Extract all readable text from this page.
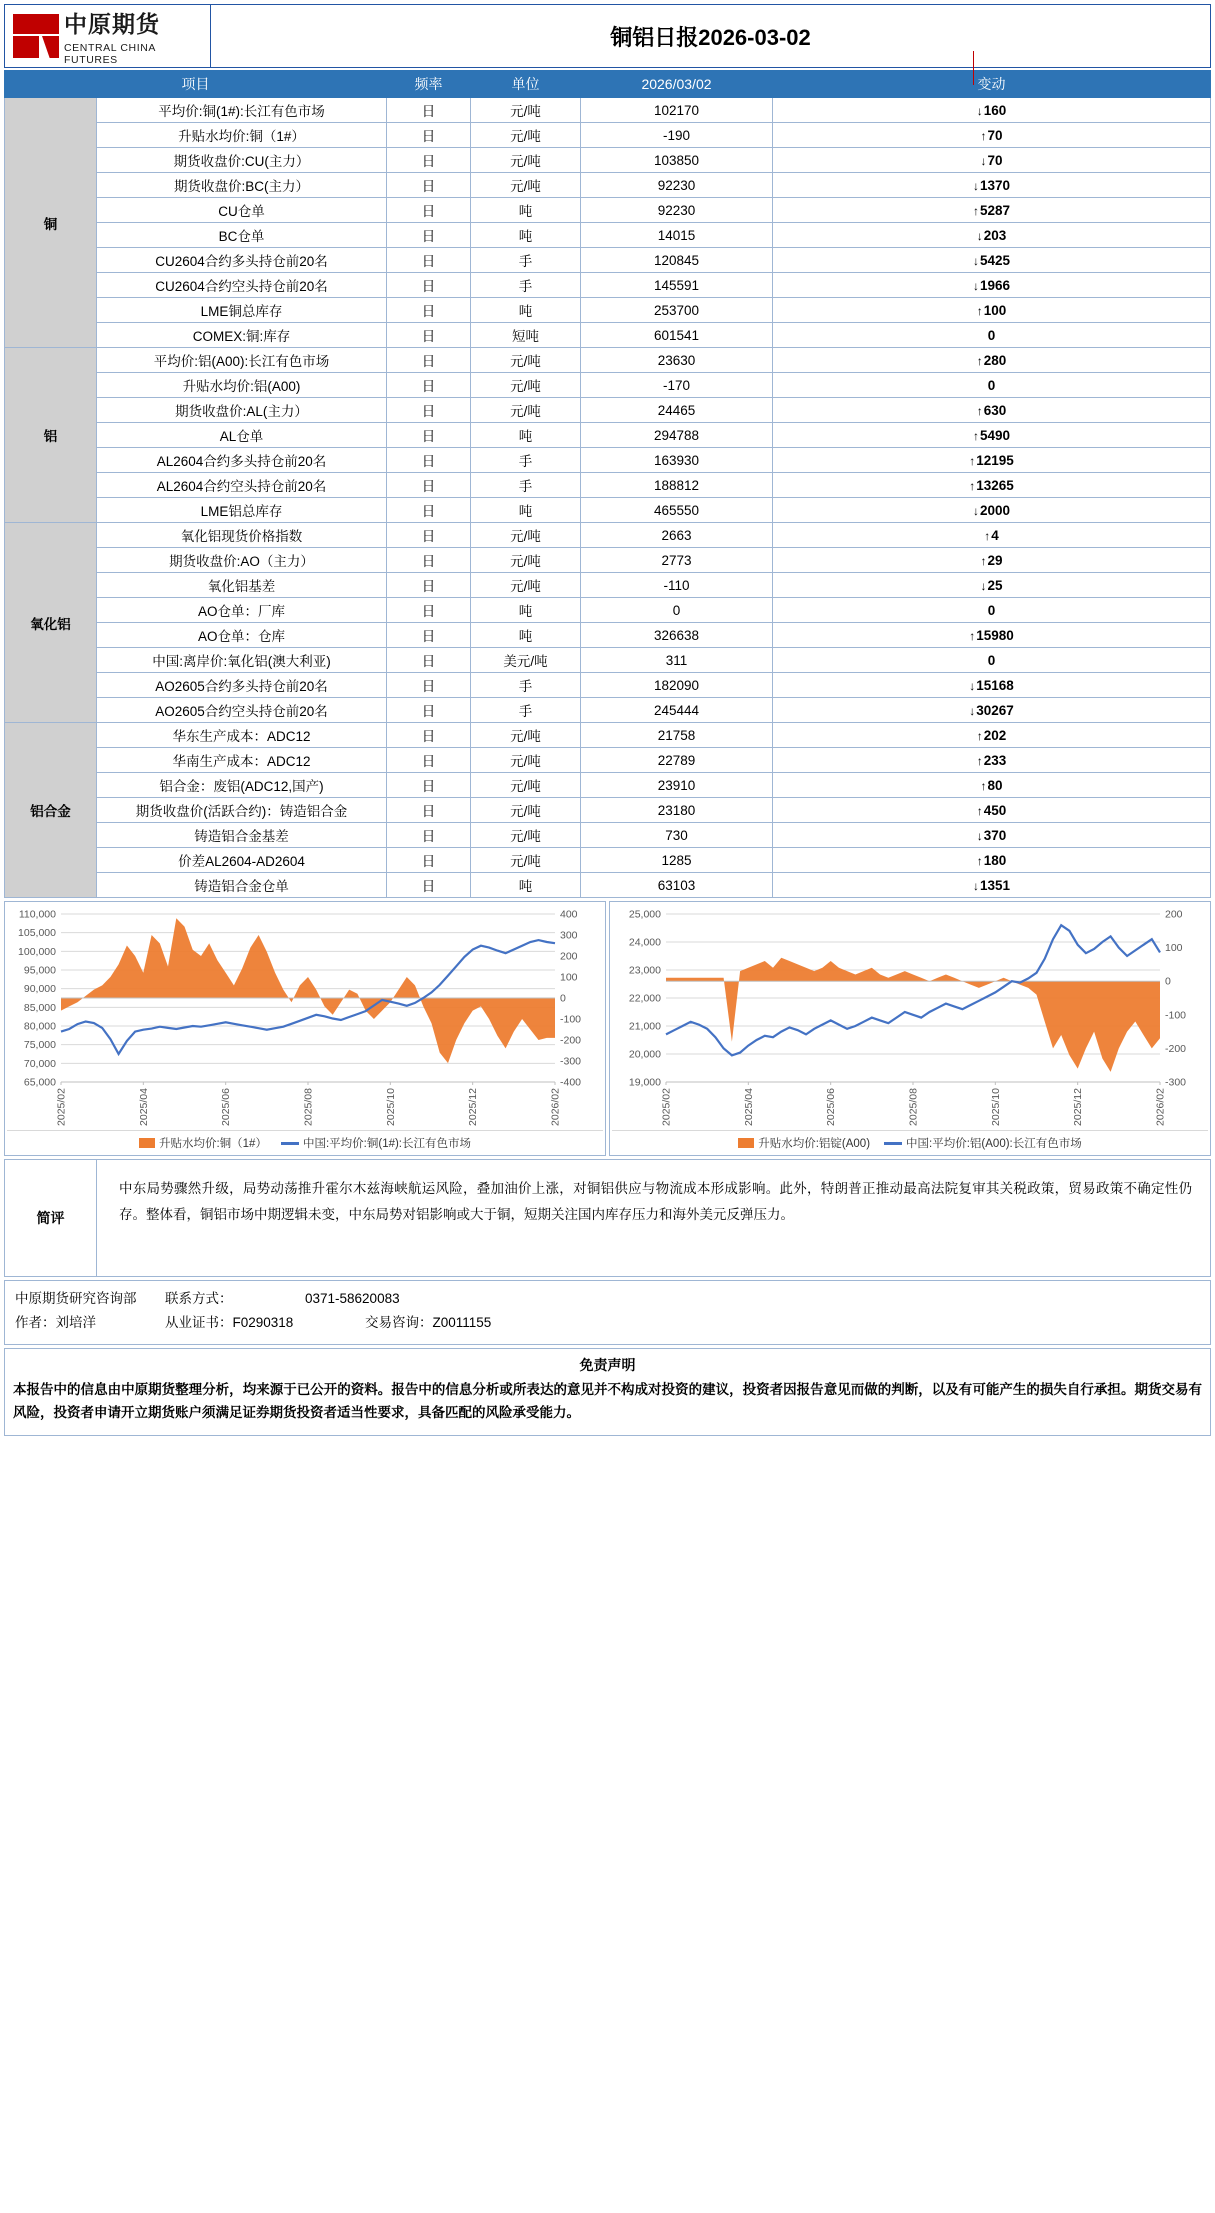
中原期货
CENTRAL CHINA FUTURES
铜铝日报2026-03-02
项目		频率	单位	2026/03/02	变动
铜	平均价:铜(1#):长江有色市场	日	元/吨	102170	↓160
	升贴水均价:铜（1#）	日	元/吨	-190	↑70
	期货收盘价:CU(主力）	日	元/吨	103850	↓70
	期货收盘价:BC(主力）	日	元/吨	92230	↓1370
	CU仓单	日	吨	92230	↑5287
	BC仓单	日	吨	14015	↓203
	CU2604合约多头持仓前20名	日	手	120845	↓5425
	CU2604合约空头持仓前20名	日	手	145591	↓1966
	LME铜总库存	日	吨	253700	↑100
	COMEX:铜:库存	日	短吨	601541	0
铝	平均价:铝(A00):长江有色市场	日	元/吨	23630	↑280
	升贴水均价:铝(A00)	日	元/吨	-170	0
	期货收盘价:AL(主力）	日	元/吨	24465	↑630
	AL仓单	日	吨	294788	↑5490
	AL2604合约多头持仓前20名	日	手	163930	↑12195
	AL2604合约空头持仓前20名	日	手	188812	↑13265
	LME铝总库存	日	吨	465550	↓2000
氧化铝	氧化铝现货价格指数	日	元/吨	2663	↑4
	期货收盘价:AO（主力）	日	元/吨	2773	↑29
	氧化铝基差	日	元/吨	-110	↓25
	AO仓单：厂库	日	吨	0	0
	AO仓单：仓库	日	吨	326638	↑15980
	中国:离岸价:氧化铝(澳大利亚)	日	美元/吨	311	0
	AO2605合约多头持仓前20名	日	手	182090	↓15168
	AO2605合约空头持仓前20名	日	手	245444	↓30267
铝合金	华东生产成本：ADC12	日	元/吨	21758	↑202
	华南生产成本：ADC12	日	元/吨	22789	↑233
	铝合金：废铝(ADC12,国产)	日	元/吨	23910	↑80
	期货收盘价(活跃合约)：铸造铝合金	日	元/吨	23180	↑450
	铸造铝合金基差	日	元/吨	730	↓370
	价差AL2604-AD2604	日	元/吨	1285	↑180
	铸造铝合金仓单	日	吨	63103	↓1351
65,000
70,000
75,000
80,000
85,000
90,000
95,000
100,000
105,000
110,000
-400
-300
-200
-100
0
100
200
300
400
2025/02	2025/04	2025/06	2025/08	2025/10	2025/12	2026/02
升贴水均价:铜（1#）	中国:平均价:铜(1#):长江有色市场
19,000
20,000
21,000
22,000
23,000
24,000
25,000
-300
-200
-100
0
100
200
2025/02	2025/04	2025/06	2025/08	2025/10	2025/12	2026/02
升贴水均价:铝锭(A00)	中国:平均价:铝(A00):长江有色市场
简评
中东局势骤然升级，局势动荡推升霍尔木兹海峡航运风险，叠加油价上涨，对铜铝供应与物流成本形成影响。此外，特朗普正推动最高法院复审其关税政策，贸易政策不确定性仍存。整体看，铜铝市场中期逻辑未变，中东局势对铝影响或大于铜，短期关注国内库存压力和海外美元反弹压力。
中原期货研究咨询部	联系方式：	0371-58620083
作者：刘培洋	从业证书：F0290318	交易咨询：Z0011155
免责声明
本报告中的信息由中原期货整理分析，均来源于已公开的资料。报告中的信息分析或所表达的意见并不构成对投资的建议，投资者因报告意见而做的判断，以及有可能产生的损失自行承担。期货交易有风险，投资者申请开立期货账户须满足证券期货投资者适当性要求，具备匹配的风险承受能力。
